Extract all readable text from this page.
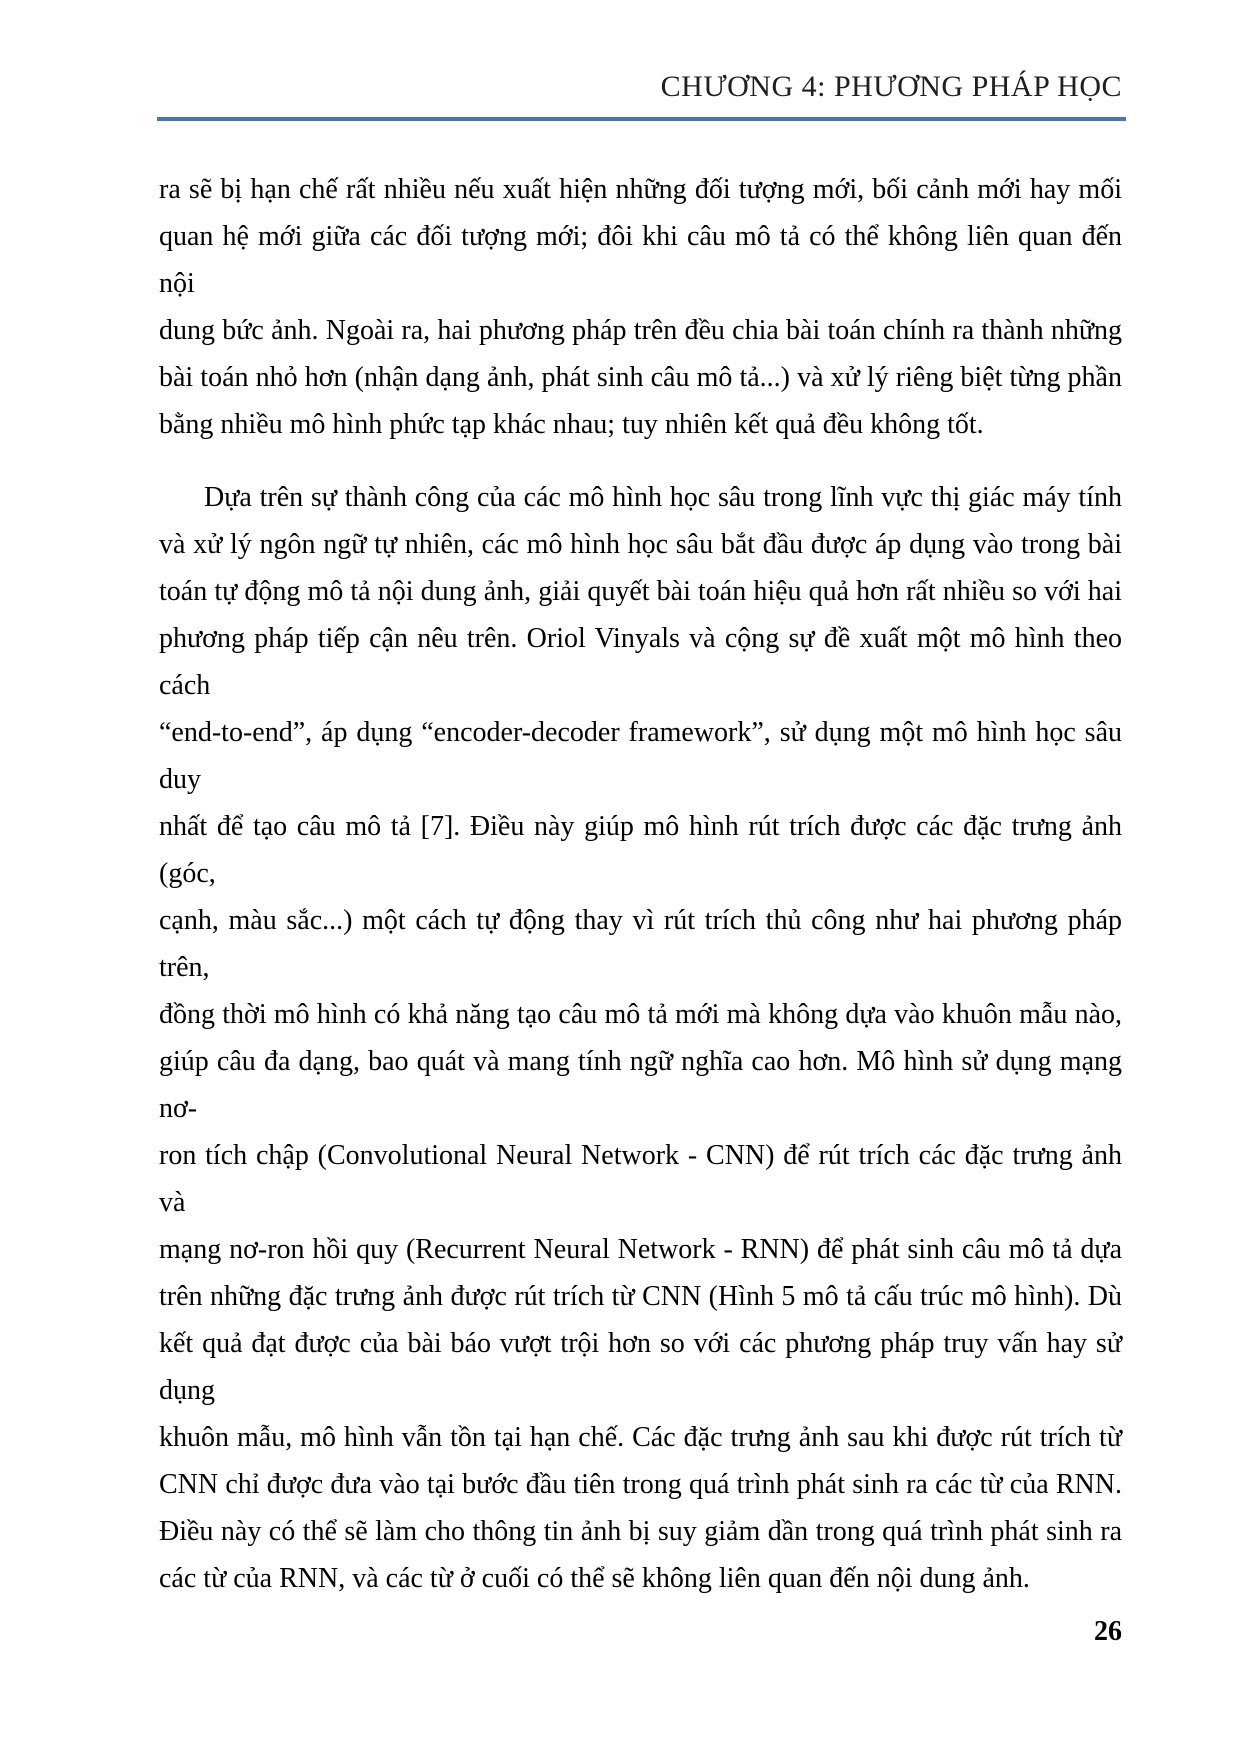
CHƯƠNG 4: PHƯƠNG PHÁP HỌC

ra sẽ bị hạn chế rất nhiều nếu xuất hiện những đối tượng mới, bối cảnh mới hay mối
quan hệ mới giữa các đối tượng mới; đôi khi câu mô tả có thể không liên quan đến nội
dung bức ảnh. Ngoài ra, hai phương pháp trên đều chia bài toán chính ra thành những
bài toán nhỏ hơn (nhận dạng ảnh, phát sinh câu mô tả...) và xử lý riêng biệt từng phần
bằng nhiều mô hình phức tạp khác nhau; tuy nhiên kết quả đều không tốt.

Dựa trên sự thành công của các mô hình học sâu trong lĩnh vực thị giác máy tính
và xử lý ngôn ngữ tự nhiên, các mô hình học sâu bắt đầu được áp dụng vào trong bài
toán tự động mô tả nội dung ảnh, giải quyết bài toán hiệu quả hơn rất nhiều so với hai
phương pháp tiếp cận nêu trên. Oriol Vinyals và cộng sự đề xuất một mô hình theo cách
“end-to-end”, áp dụng “encoder-decoder framework”, sử dụng một mô hình học sâu duy
nhất để tạo câu mô tả [7]. Điều này giúp mô hình rút trích được các đặc trưng ảnh (góc,
cạnh, màu sắc...) một cách tự động thay vì rút trích thủ công như hai phương pháp trên,
đồng thời mô hình có khả năng tạo câu mô tả mới mà không dựa vào khuôn mẫu nào,
giúp câu đa dạng, bao quát và mang tính ngữ nghĩa cao hơn. Mô hình sử dụng mạng nơ-
ron tích chập (Convolutional Neural Network - CNN) để rút trích các đặc trưng ảnh và
mạng nơ-ron hồi quy (Recurrent Neural Network - RNN) để phát sinh câu mô tả dựa
trên những đặc trưng ảnh được rút trích từ CNN (Hình 5 mô tả cấu trúc mô hình). Dù
kết quả đạt được của bài báo vượt trội hơn so với các phương pháp truy vấn hay sử dụng
khuôn mẫu, mô hình vẫn tồn tại hạn chế. Các đặc trưng ảnh sau khi được rút trích từ
CNN chỉ được đưa vào tại bước đầu tiên trong quá trình phát sinh ra các từ của RNN.
Điều này có thể sẽ làm cho thông tin ảnh bị suy giảm dần trong quá trình phát sinh ra
các từ của RNN, và các từ ở cuối có thể sẽ không liên quan đến nội dung ảnh.

26
